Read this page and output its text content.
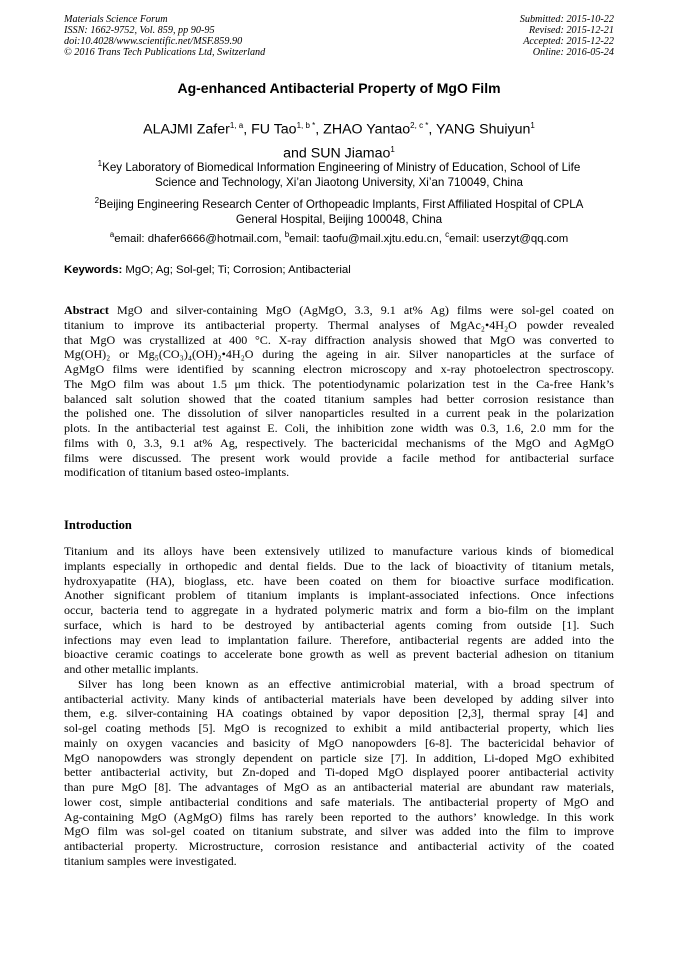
Materials Science Forum
ISSN: 1662-9752, Vol. 859, pp 90-95
doi:10.4028/www.scientific.net/MSF.859.90
© 2016 Trans Tech Publications Ltd, Switzerland
Submitted: 2015-10-22
Revised: 2015-12-21
Accepted: 2015-12-22
Online: 2016-05-24
Ag-enhanced Antibacterial Property of MgO Film
ALAJMI Zafer$^{1, a}$, FU Tao$^{1, b *}$, ZHAO Yantao$^{2, c *}$, YANG Shuiyun$^1$
and SUN Jiamao$^1$
$^1$Key Laboratory of Biomedical Information Engineering of Ministry of Education, School of Life
Science and Technology, Xi’an Jiaotong University, Xi’an 710049, China
$^2$Beijing Engineering Research Center of Orthopeadic Implants, First Affiliated Hospital of CPLA
General Hospital, Beijing 100048, China
$^a$email: dhafer6666@hotmail.com, $^b$email: taofu@mail.xjtu.edu.cn, $^c$email: userzyt@qq.com
Keywords: MgO; Ag; Sol-gel; Ti; Corrosion; Antibacterial
Abstract MgO and silver-containing MgO (AgMgO, 3.3, 9.1 at% Ag) films were sol-gel coated on
titanium to improve its antibacterial property. Thermal analyses of MgAc₂•4H₂O powder revealed
that MgO was crystallized at 400 °C. X-ray diffraction analysis showed that MgO was converted to
Mg(OH)₂ or Mg₅(CO₃)₄(OH)₂•4H₂O during the ageing in air. Silver nanoparticles at the surface of
AgMgO films were identified by scanning electron microscopy and x-ray photoelectron spectroscopy.
The MgO film was about 1.5 μm thick. The potentiodynamic polarization test in the Ca-free Hank’s
balanced salt solution showed that the coated titanium samples had better corrosion resistance than
the polished one. The dissolution of silver nanoparticles resulted in a current peak in the polarization
plots. In the antibacterial test against E. Coli, the inhibition zone width was 0.3, 1.6, 2.0 mm for the
films with 0, 3.3, 9.1 at% Ag, respectively. The bactericidal mechanisms of the MgO and AgMgO
films were discussed. The present work would provide a facile method for antibacterial surface
modification of titanium based osteo-implants.
Introduction
Titanium and its alloys have been extensively utilized to manufacture various kinds of biomedical
implants especially in orthopedic and dental fields. Due to the lack of bioactivity of titanium metals,
hydroxyapatite (HA), bioglass, etc. have been coated on them for bioactive surface modification.
Another significant problem of titanium implants is implant-associated infections. Once infections
occur, bacteria tend to aggregate in a hydrated polymeric matrix and form a bio-film on the implant
surface, which is hard to be destroyed by antibacterial agents coming from outside [1]. Such
infections may even lead to implantation failure. Therefore, antibacterial regents are added into the
bioactive ceramic coatings to accelerate bone growth as well as prevent bacterial adhesion on titanium
and other metallic implants.
Silver has long been known as an effective antimicrobial material, with a broad spectrum of
antibacterial activity. Many kinds of antibacterial materials have been developed by adding silver into
them, e.g. silver-containing HA coatings obtained by vapor deposition [2,3], thermal spray [4] and
sol-gel coating methods [5]. MgO is recognized to exhibit a mild antibacterial property, which lies
mainly on oxygen vacancies and basicity of MgO nanopowders [6-8]. The bactericidal behavior of
MgO nanopowders was strongly dependent on particle size [7]. In addition, Li-doped MgO exhibited
better antibacterial activity, but Zn-doped and Ti-doped MgO displayed poorer antibacterial activity
than pure MgO [8]. The advantages of MgO as an antibacterial material are abundant raw materials,
lower cost, simple antibacterial conditions and safe materials. The antibacterial property of MgO and
Ag-containing MgO (AgMgO) films has rarely been reported to the authors’ knowledge. In this work
MgO film was sol-gel coated on titanium substrate, and silver was added into the film to improve
antibacterial property. Microstructure, corrosion resistance and antibacterial activity of the coated
titanium samples were investigated.
